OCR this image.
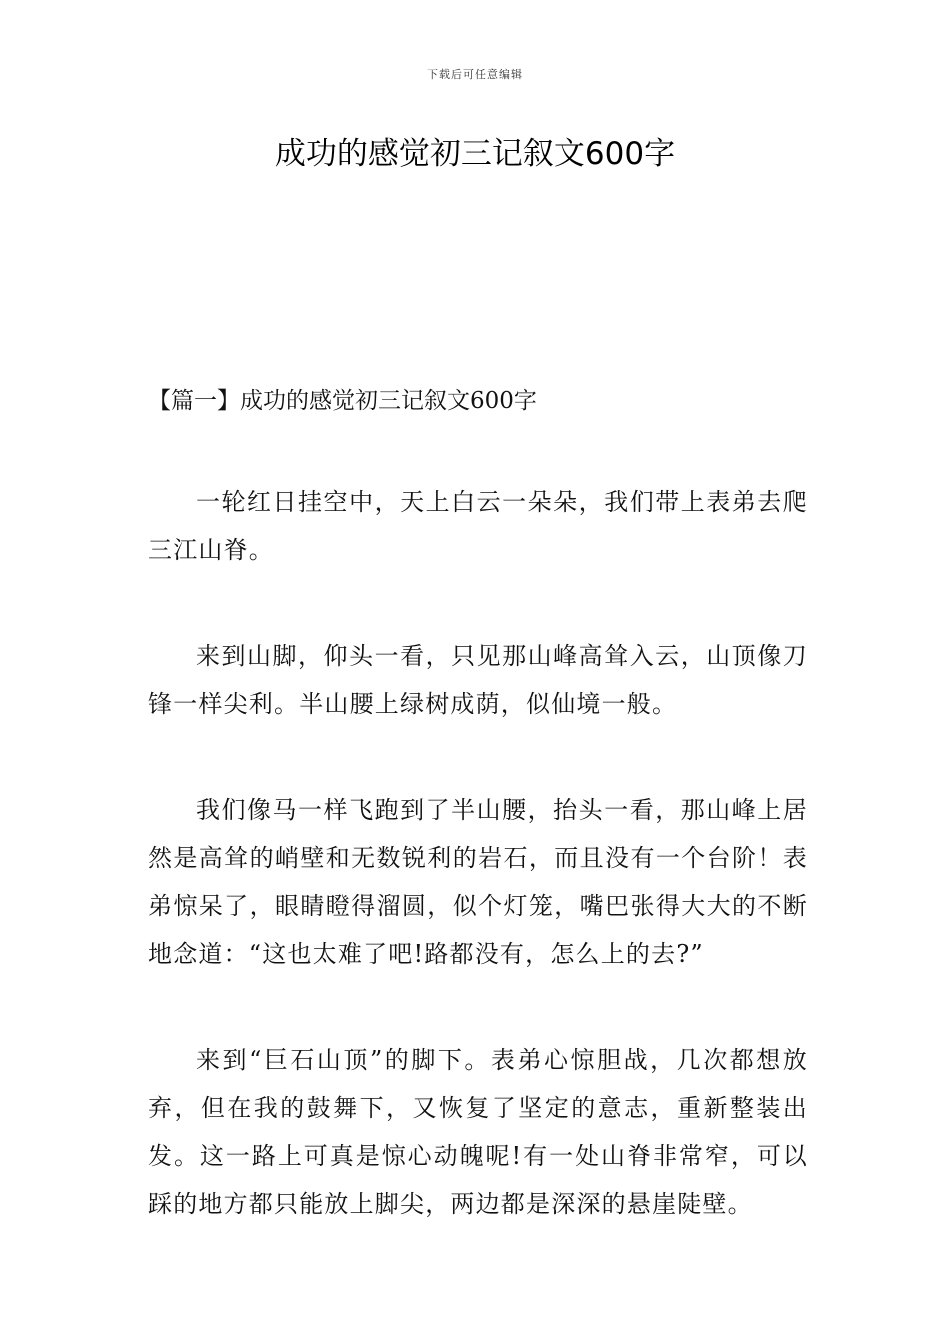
下载后可任意编辑
成功的感觉初三记叙文600字
【篇一】成功的感觉初三记叙文600字

一轮红日挂空中，天上白云一朵朵，我们带上表弟去爬三江山脊。

来到山脚，仰头一看，只见那山峰高耸入云，山顶像刀锋一样尖利。半山腰上绿树成荫，似仙境一般。

我们像马一样飞跑到了半山腰，抬头一看，那山峰上居然是高耸的峭壁和无数锐利的岩石，而且没有一个台阶！表弟惊呆了，眼睛瞪得溜圆，似个灯笼，嘴巴张得大大的不断地念道：“这也太难了吧!路都没有，怎么上的去?”

来到“巨石山顶”的脚下。表弟心惊胆战，几次都想放弃，但在我的鼓舞下，又恢复了坚定的意志，重新整装出发。这一路上可真是惊心动魄呢!有一处山脊非常窄，可以踩的地方都只能放上脚尖，两边都是深深的悬崖陡壁。
